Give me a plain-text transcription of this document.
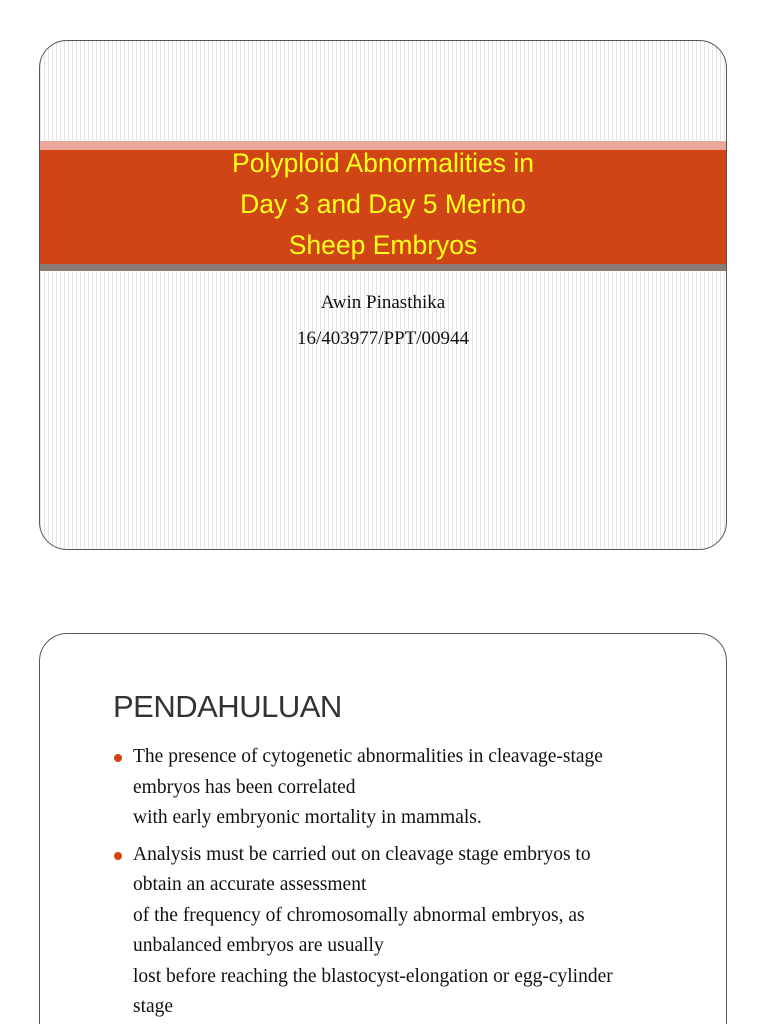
Polyploid Abnormalities in
Day 3 and Day 5 Merino
Sheep Embryos
Awin Pinasthika
16/403977/PPT/00944
PENDAHULUAN
The presence of cytogenetic abnormalities in cleavage-stage
embryos has been correlated
with early embryonic mortality in mammals.
Analysis must be carried out on cleavage stage embryos to
obtain an accurate assessment
of the frequency of chromosomally abnormal embryos, as
unbalanced embryos are usually
lost before reaching the blastocyst-elongation or egg-cylinder
stage
